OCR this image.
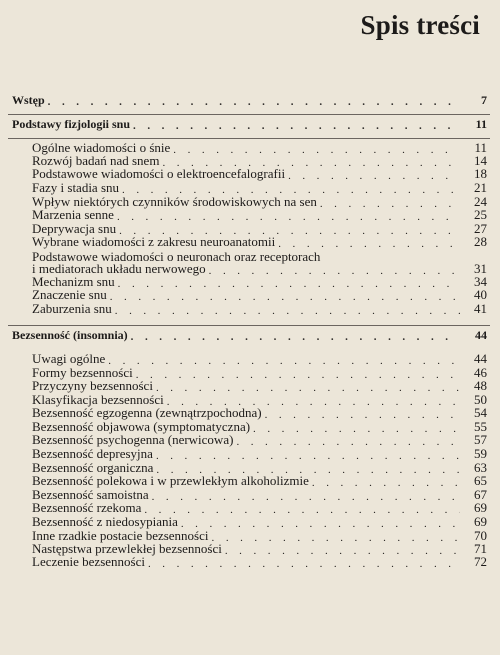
Spis treści
Wstęp . . .	7
Podstawy fizjologii snu . . .	11
Ogólne wiadomości o śnie . . .	11
Rozwój badań nad snem . . .	14
Podstawowe wiadomości o elektroencefalografii . . .	18
Fazy i stadia snu . . .	21
Wpływ niektórych czynników środowiskowych na sen . . .	24
Marzenia senne . . .	25
Deprywacja snu . . .	27
Wybrane wiadomości z zakresu neuroanatomii . . .	28
Podstawowe wiadomości o neuronach oraz receptorach
i mediatorach układu nerwowego . . .	31
Mechanizm snu . . .	34
Znaczenie snu . . .	40
Zaburzenia snu . . .	41
Bezsenność (insomnia) . . .	44
Uwagi ogólne . . .	44
Formy bezsenności . . .	46
Przyczyny bezsenności . . .	48
Klasyfikacja bezsenności . . .	50
Bezsenność egzogenna (zewnątrzpochodna) . . .	54
Bezsenność objawowa (symptomatyczna) . . .	55
Bezsenność psychogenna (nerwicowa) . . .	57
Bezsenność depresyjna . . .	59
Bezsenność organiczna . . .	63
Bezsenność polekowa i w przewlekłym alkoholizmie . . .	65
Bezsenność samoistna . . .	67
Bezsenność rzekoma . . .	69
Bezsenność z niedosypiania . . .	69
Inne rzadkie postacie bezsenności . . .	70
Następstwa przewlekłej bezsenności . . .	71
Leczenie bezsenności . . .	72
